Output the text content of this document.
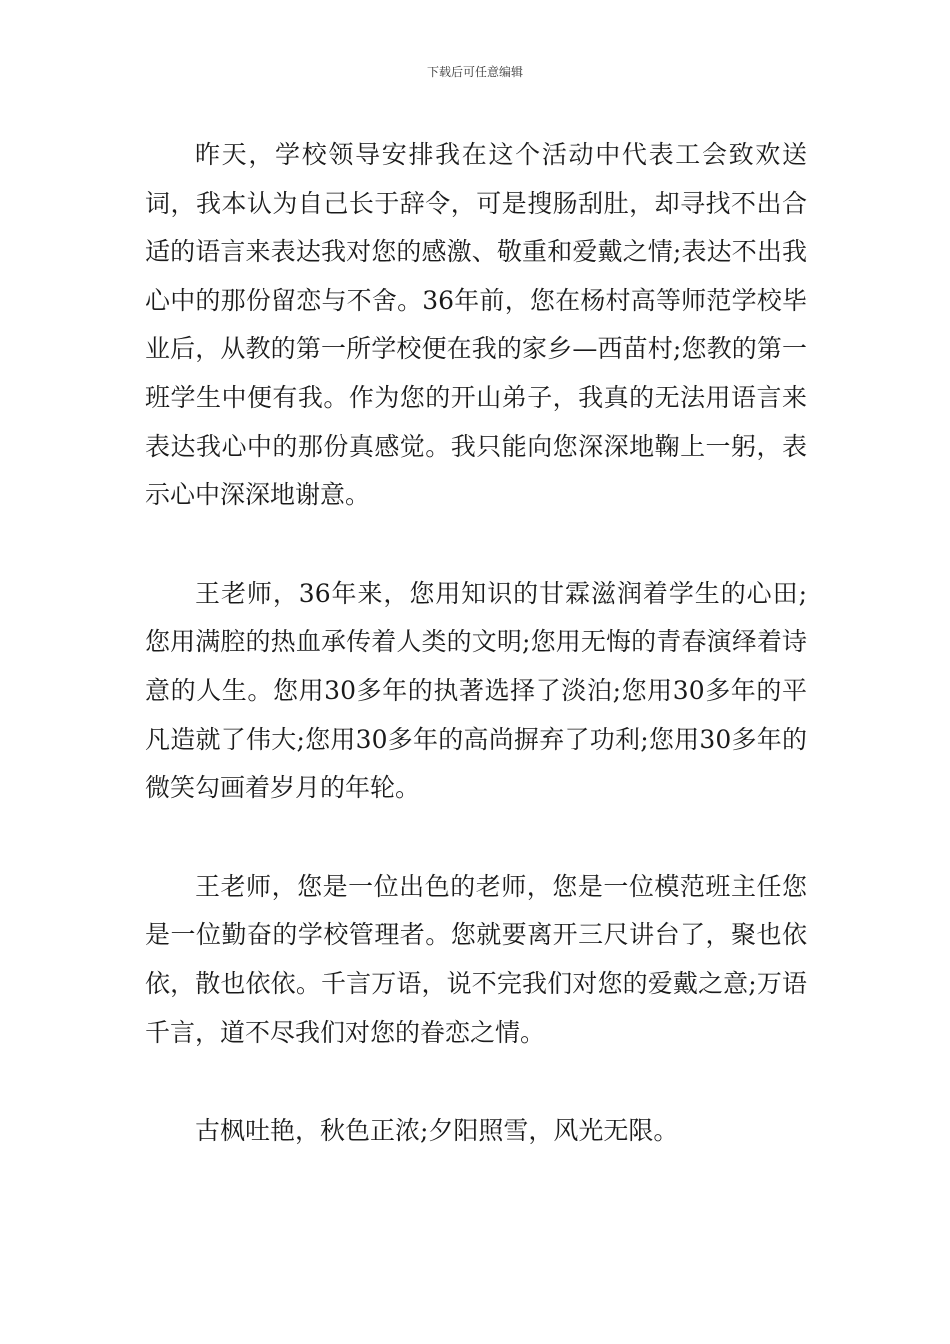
下载后可任意编辑

昨天，学校领导安排我在这个活动中代表工会致欢送词，我本认为自己长于辞令，可是搜肠刮肚，却寻找不出合适的语言来表达我对您的感激、敬重和爱戴之情;表达不出我心中的那份留恋与不舍。36年前，您在杨村高等师范学校毕业后，从教的第一所学校便在我的家乡—西苗村;您教的第一班学生中便有我。作为您的开山弟子，我真的无法用语言来表达我心中的那份真感觉。我只能向您深深地鞠上一躬，表示心中深深地谢意。

王老师，36年来，您用知识的甘霖滋润着学生的心田;您用满腔的热血承传着人类的文明;您用无悔的青春演绎着诗意的人生。您用30多年的执著选择了淡泊;您用30多年的平凡造就了伟大;您用30多年的高尚摒弃了功利;您用30多年的微笑勾画着岁月的年轮。

王老师，您是一位出色的老师，您是一位模范班主任您是一位勤奋的学校管理者。您就要离开三尺讲台了，聚也依依，散也依依。千言万语，说不完我们对您的爱戴之意;万语千言，道不尽我们对您的眷恋之情。

古枫吐艳，秋色正浓;夕阳照雪，风光无限。
